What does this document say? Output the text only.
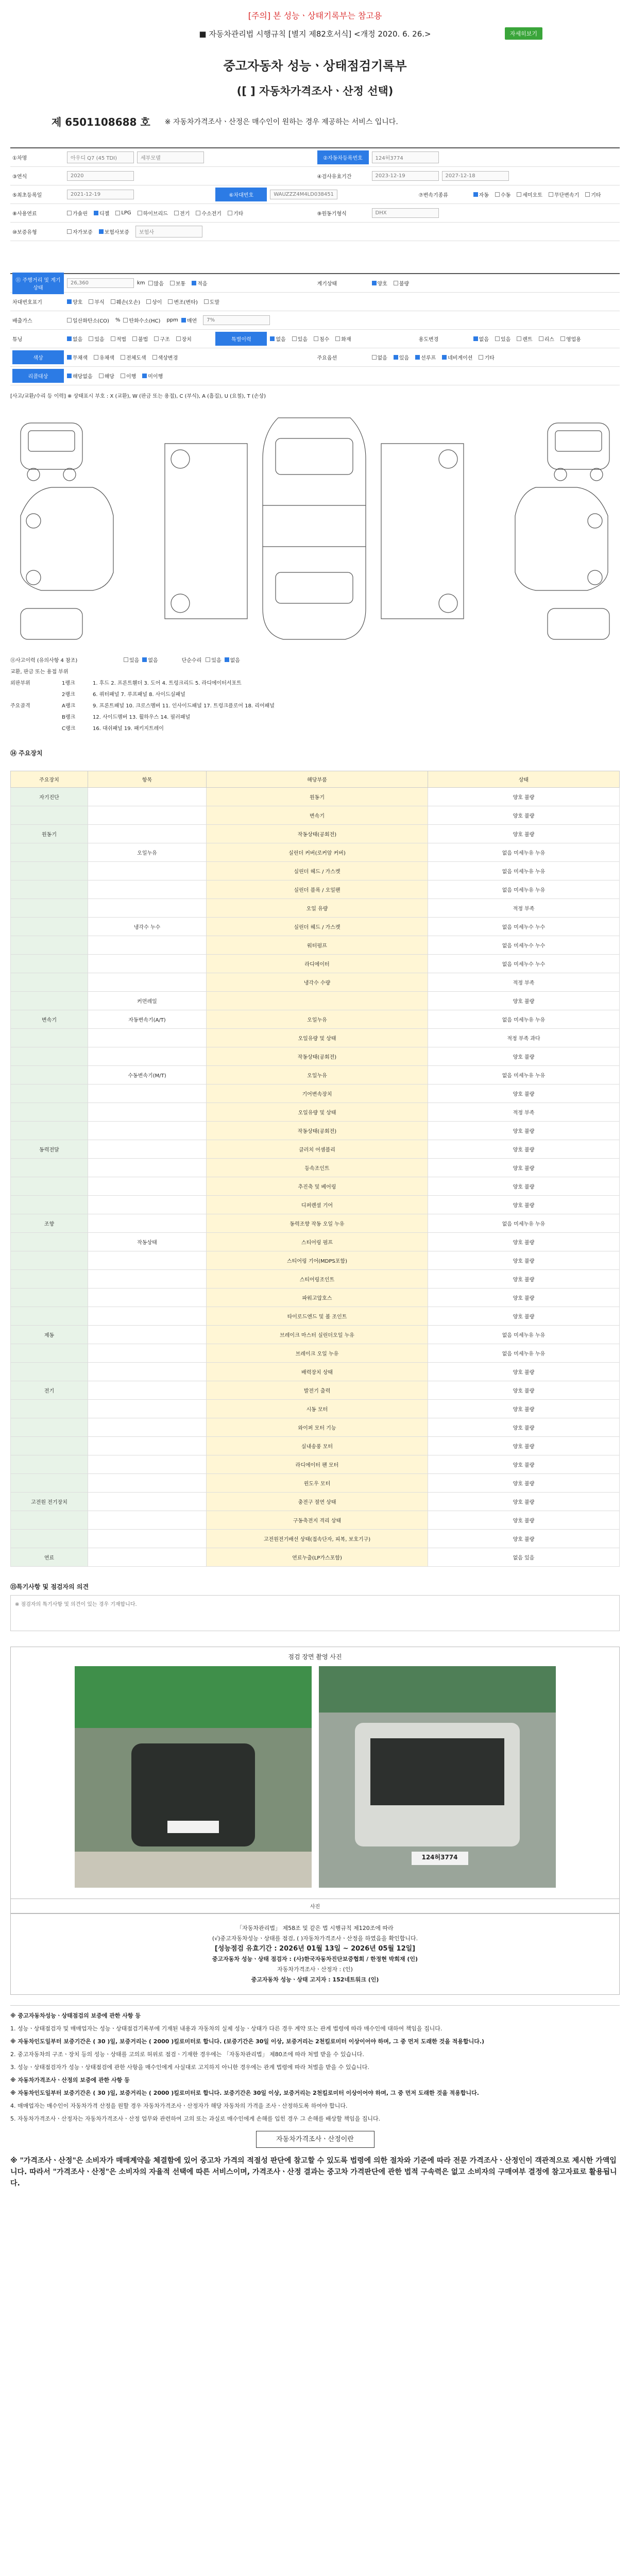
[주의] 본 성능ㆍ상태기록부는 참고용
■ 자동차관리법 시행규칙 [별지 제82호서식] <개정 2020. 6. 26.>	자세히보기
중고자동차 성능ㆍ상태점검기록부
([ ] 자동차가격조사ㆍ산정 선택)
제 6501108688 호 ※ 자동차가격조사ㆍ산정은 매수인이 원하는 경우 제공하는 서비스 입니다.
①차명	아우디 Q7 (45 TDI)	세부모델	②자동차등록번호	124허3774
③연식	2020	④검사유효기간	2023-12-19	2027-12-18
⑤최초등록일	2021-12-19	⑥차대번호	WAUZZZ4M4LD038451	⑦변속기종류	자동 수동 세미오토 무단변속기 기타
⑧사용연료	가솔린 디젤 LPG 하이브리드 전기 수소전기 기타	⑨원동기형식	DHX
⑩보증유형	자가보증 보험사보증	보험사
⑪ 주행거리 및 계기상태
26,360	km 많음 보통 적음	계기상태	양호 불량
차대번호표기	양호 부식 훼손(오손) 상이 변조(변타) 도말
배출가스	일산화탄소(CO) % 탄화수소(HC) ppm 매연	7%
튜닝	없음 있음 적법 불법 구조 장치	특별이력	없음 있음 침수 화재	용도변경	없음 있음 렌트 리스 영업용
색상	무채색 유채색 전체도색 색상변경	주요옵션	없음 있음 선루프 네비게이션 기타
리콜대상	해당없음 해당 이행 미이행
[사고/교환/수리 등 이력] ※ 상태표시 부호 : X (교환), W (판금 또는 용접), C (부식), A (흠집), U (요철), T (손상)
⑪사고이력 (유의사항 4 참조)	있음 없음	단순수리 있음 없음
교환, 판금 또는 용접 부위
외판부위	1랭크	1. 후드 2. 프론트휀더 3. 도어 4. 트렁크리드 5. 라디에이터서포트
2랭크	6. 쿼터패널 7. 루프패널 8. 사이드실패널
주요골격	A랭크	9. 프론트패널 10. 크로스멤버 11. 인사이드패널 17. 트렁크플로어 18. 리어패널
B랭크	12. 사이드멤버 13. 휠하우스 14. 필러패널
C랭크	16. 대쉬패널 19. 패키지트레이
⑭ 주요장치
주요장치	항목	해당부품	상태
자기진단		원동기	양호 불량
		변속기	양호 불량
원동기		작동상태(공회전)	양호 불량
	오일누유	실린더 커버(로커암 커버)	없음 미세누유 누유
		실린더 헤드 / 가스켓	없음 미세누유 누유
		실린더 블록 / 오일팬	없음 미세누유 누유
		오일 유량	적정 부족
	냉각수 누수	실린더 헤드 / 가스켓	없음 미세누수 누수
		워터펌프	없음 미세누수 누수
		라디에이터	없음 미세누수 누수
		냉각수 수량	적정 부족
	커먼레일		양호 불량
변속기	자동변속기(A/T)	오일누유	없음 미세누유 누유
		오일유량 및 상태	적정 부족 과다
		작동상태(공회전)	양호 불량
	수동변속기(M/T)	오일누유	없음 미세누유 누유
		기어변속장치	양호 불량
		오일유량 및 상태	적정 부족
		작동상태(공회전)	양호 불량
동력전달		클러치 어셈블리	양호 불량
		등속조인트	양호 불량
		추진축 및 베어링	양호 불량
		디퍼렌셜 기어	양호 불량
조향		동력조향 작동 오일 누유	없음 미세누유 누유
	작동상태	스티어링 펌프	양호 불량
		스티어링 기어(MDPS포함)	양호 불량
		스티어링조인트	양호 불량
		파워고압호스	양호 불량
		타이로드엔드 및 볼 조인트	양호 불량
제동		브레이크 마스터 실린더오일 누유	없음 미세누유 누유
		브레이크 오일 누유	없음 미세누유 누유
		배력장치 상태	양호 불량
전기		발전기 출력	양호 불량
		시동 모터	양호 불량
		와이퍼 모터 기능	양호 불량
		실내송풍 모터	양호 불량
		라디에이터 팬 모터	양호 불량
		윈도우 모터	양호 불량
고전원 전기장치		충전구 절연 상태	양호 불량
		구동축전지 격리 상태	양호 불량
		고전원전기배선 상태(접속단자, 피복, 보호기구)	양호 불량
연료		연료누출(LP가스포함)	없음 있음
⑮특기사항 및 점검자의 의견
※ 점검자의 특기사항 및 의견이 있는 경우 기재합니다.
점검 장면 촬영 사진
124허3774
사진
「자동차관리법」 제58조 및 같은 법 시행규칙 제120조에 따라
(√)중고자동차성능ㆍ상태를 점검, ( )자동차가격조사ㆍ산정을 하였음을 확인합니다.
[성능점검 유효기간 : 2026년 01월 13일 ~ 2026년 05월 12일]
중고자동차 성능ㆍ상태 점검자 : (사)한국자동차진단보증협회 / 한정현 박희재 (인)
자동차가격조사ㆍ산정자 : (인)
중고자동차 성능ㆍ상태 고지자 : 152네트워크 (인)

※ 중고자동차성능ㆍ상태점검의 보증에 관한 사항 등

1. 성능ㆍ상태점검자 및 매매업자는 성능ㆍ상태점검기록부에 기재된 내용과 자동차의 실제 성능ㆍ상태가 다른 경우 계약 또는 관계 법령에 따라 매수인에 대하여 책임을 집니다.

※ 자동차인도일부터 보증기간은 ( 30 )일, 보증거리는 ( 2000 )킬로미터로 합니다. (보증기간은 30일 이상, 보증거리는 2천킬로미터 이상이어야 하며, 그 중 먼저 도래한 것을 적용합니다.)

2. 중고자동차의 구조ㆍ장치 등의 성능ㆍ상태를 고의로 허위로 점검ㆍ기재한 경우에는 「자동차관리법」 제80조에 따라 처벌 받을 수 있습니다.

3. 성능ㆍ상태점검자가 성능ㆍ상태점검에 관한 사항을 매수인에게 사실대로 고지하지 아니한 경우에는 관계 법령에 따라 처벌을 받을 수 있습니다.

※ 자동차가격조사ㆍ산정의 보증에 관한 사항 등

※ 자동차인도일부터 보증기간은 ( 30 )일, 보증거리는 ( 2000 )킬로미터로 합니다. 보증기간은 30일 이상, 보증거리는 2천킬로미터 이상이어야 하며, 그 중 먼저 도래한 것을 적용합니다.

4. 매매업자는 매수인이 자동차가격 산정을 원할 경우 자동차가격조사ㆍ산정자가 해당 자동차의 가격을 조사ㆍ산정하도록 하여야 합니다.

5. 자동차가격조사ㆍ산정자는 자동차가격조사ㆍ산정 업무와 관련하여 고의 또는 과실로 매수인에게 손해를 입힌 경우 그 손해를 배상할 책임을 집니다.

자동차가격조사ㆍ산정이란

※ "가격조사ㆍ산정"은 소비자가 매매계약을 체결함에 있어 중고차 가격의 적절성 판단에 참고할 수 있도록 법령에 의한 절차와 기준에 따라 전문 가격조사ㆍ산정인이 객관적으로 제시한 가액입니다. 따라서 "가격조사ㆍ산정"은 소비자의 자율적 선택에 따른 서비스이며, 가격조사ㆍ산정 결과는 중고차 가격판단에 관한 법적 구속력은 없고 소비자의 구매여부 결정에 참고자료로 활용됩니다.
